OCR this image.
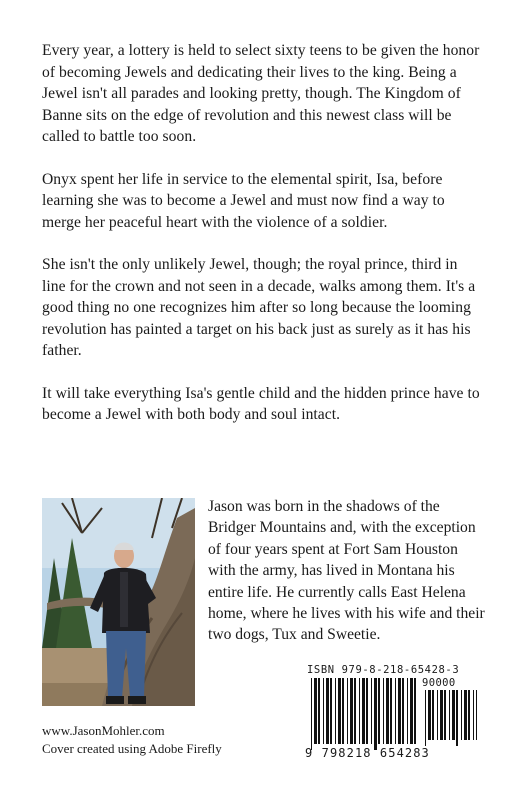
Every year, a lottery is held to select sixty teens to be given the honor of becoming Jewels and dedicating their lives to the king. Being a Jewel isn't all parades and looking pretty, though. The Kingdom of Banne sits on the edge of revolution and this newest class will be called to battle too soon.

Onyx spent her life in service to the elemental spirit, Isa, before learning she was to become a Jewel and must now find a way to merge her peaceful heart with the violence of a soldier.

She isn't the only unlikely Jewel, though; the royal prince, third in line for the crown and not seen in a decade, walks among them. It's a good thing no one recognizes him after so long because the looming revolution has painted a target on his back just as surely as it has his father.

It will take everything Isa's gentle child and the hidden prince have to become a Jewel with both body and soul intact.

Jason was born in the shadows of the Bridger Mountains and, with the exception of four years spent at Fort Sam Houston with the army, has lived in Montana his entire life. He currently calls East Helena home, where he lives with his wife and their two dogs, Tux and Sweetie.

www.JasonMohler.com
Cover created using Adobe Firefly
ISBN 979-8-218-65428-3
90000
9 798218 654283
